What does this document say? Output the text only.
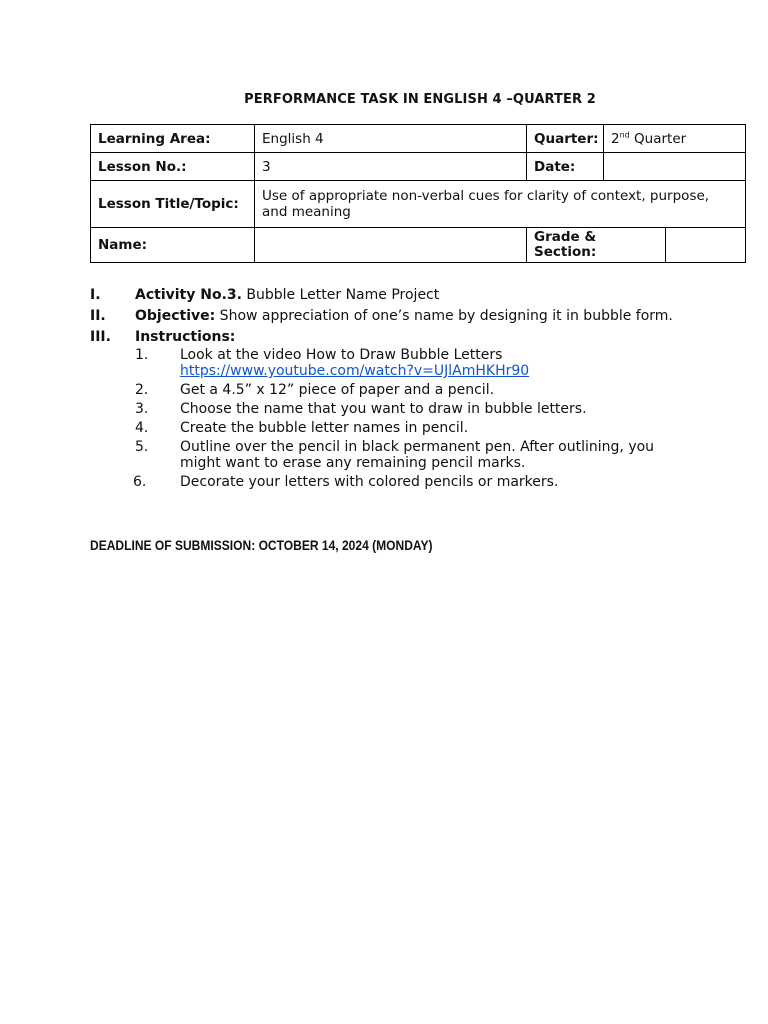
PERFORMANCE TASK IN ENGLISH 4 –QUARTER 2
Learning Area:	English 4	Quarter:	2nd Quarter	
Lesson No.:	3	Date:		
Lesson Title/Topic:	Use of appropriate non-verbal cues for clarity of context, purpose, and meaning			
Name:		Grade &
Section:		
I.	Activity No.3. Bubble Letter Name Project
II.	Objective: Show appreciation of one’s name by designing it in bubble form.
III.	Instructions:
1.	Look at the video How to Draw Bubble Letters
https://www.youtube.com/watch?v=UJlAmHKHr90
2.	Get a 4.5” x 12” piece of paper and a pencil.
3.	Choose the name that you want to draw in bubble letters.
4.	Create the bubble letter names in pencil.
5.	Outline over the pencil in black permanent pen. After outlining, you might want to erase any remaining pencil marks.
6.	Decorate your letters with colored pencils or markers.
DEADLINE OF SUBMISSION: OCTOBER 14, 2024 (MONDAY)
